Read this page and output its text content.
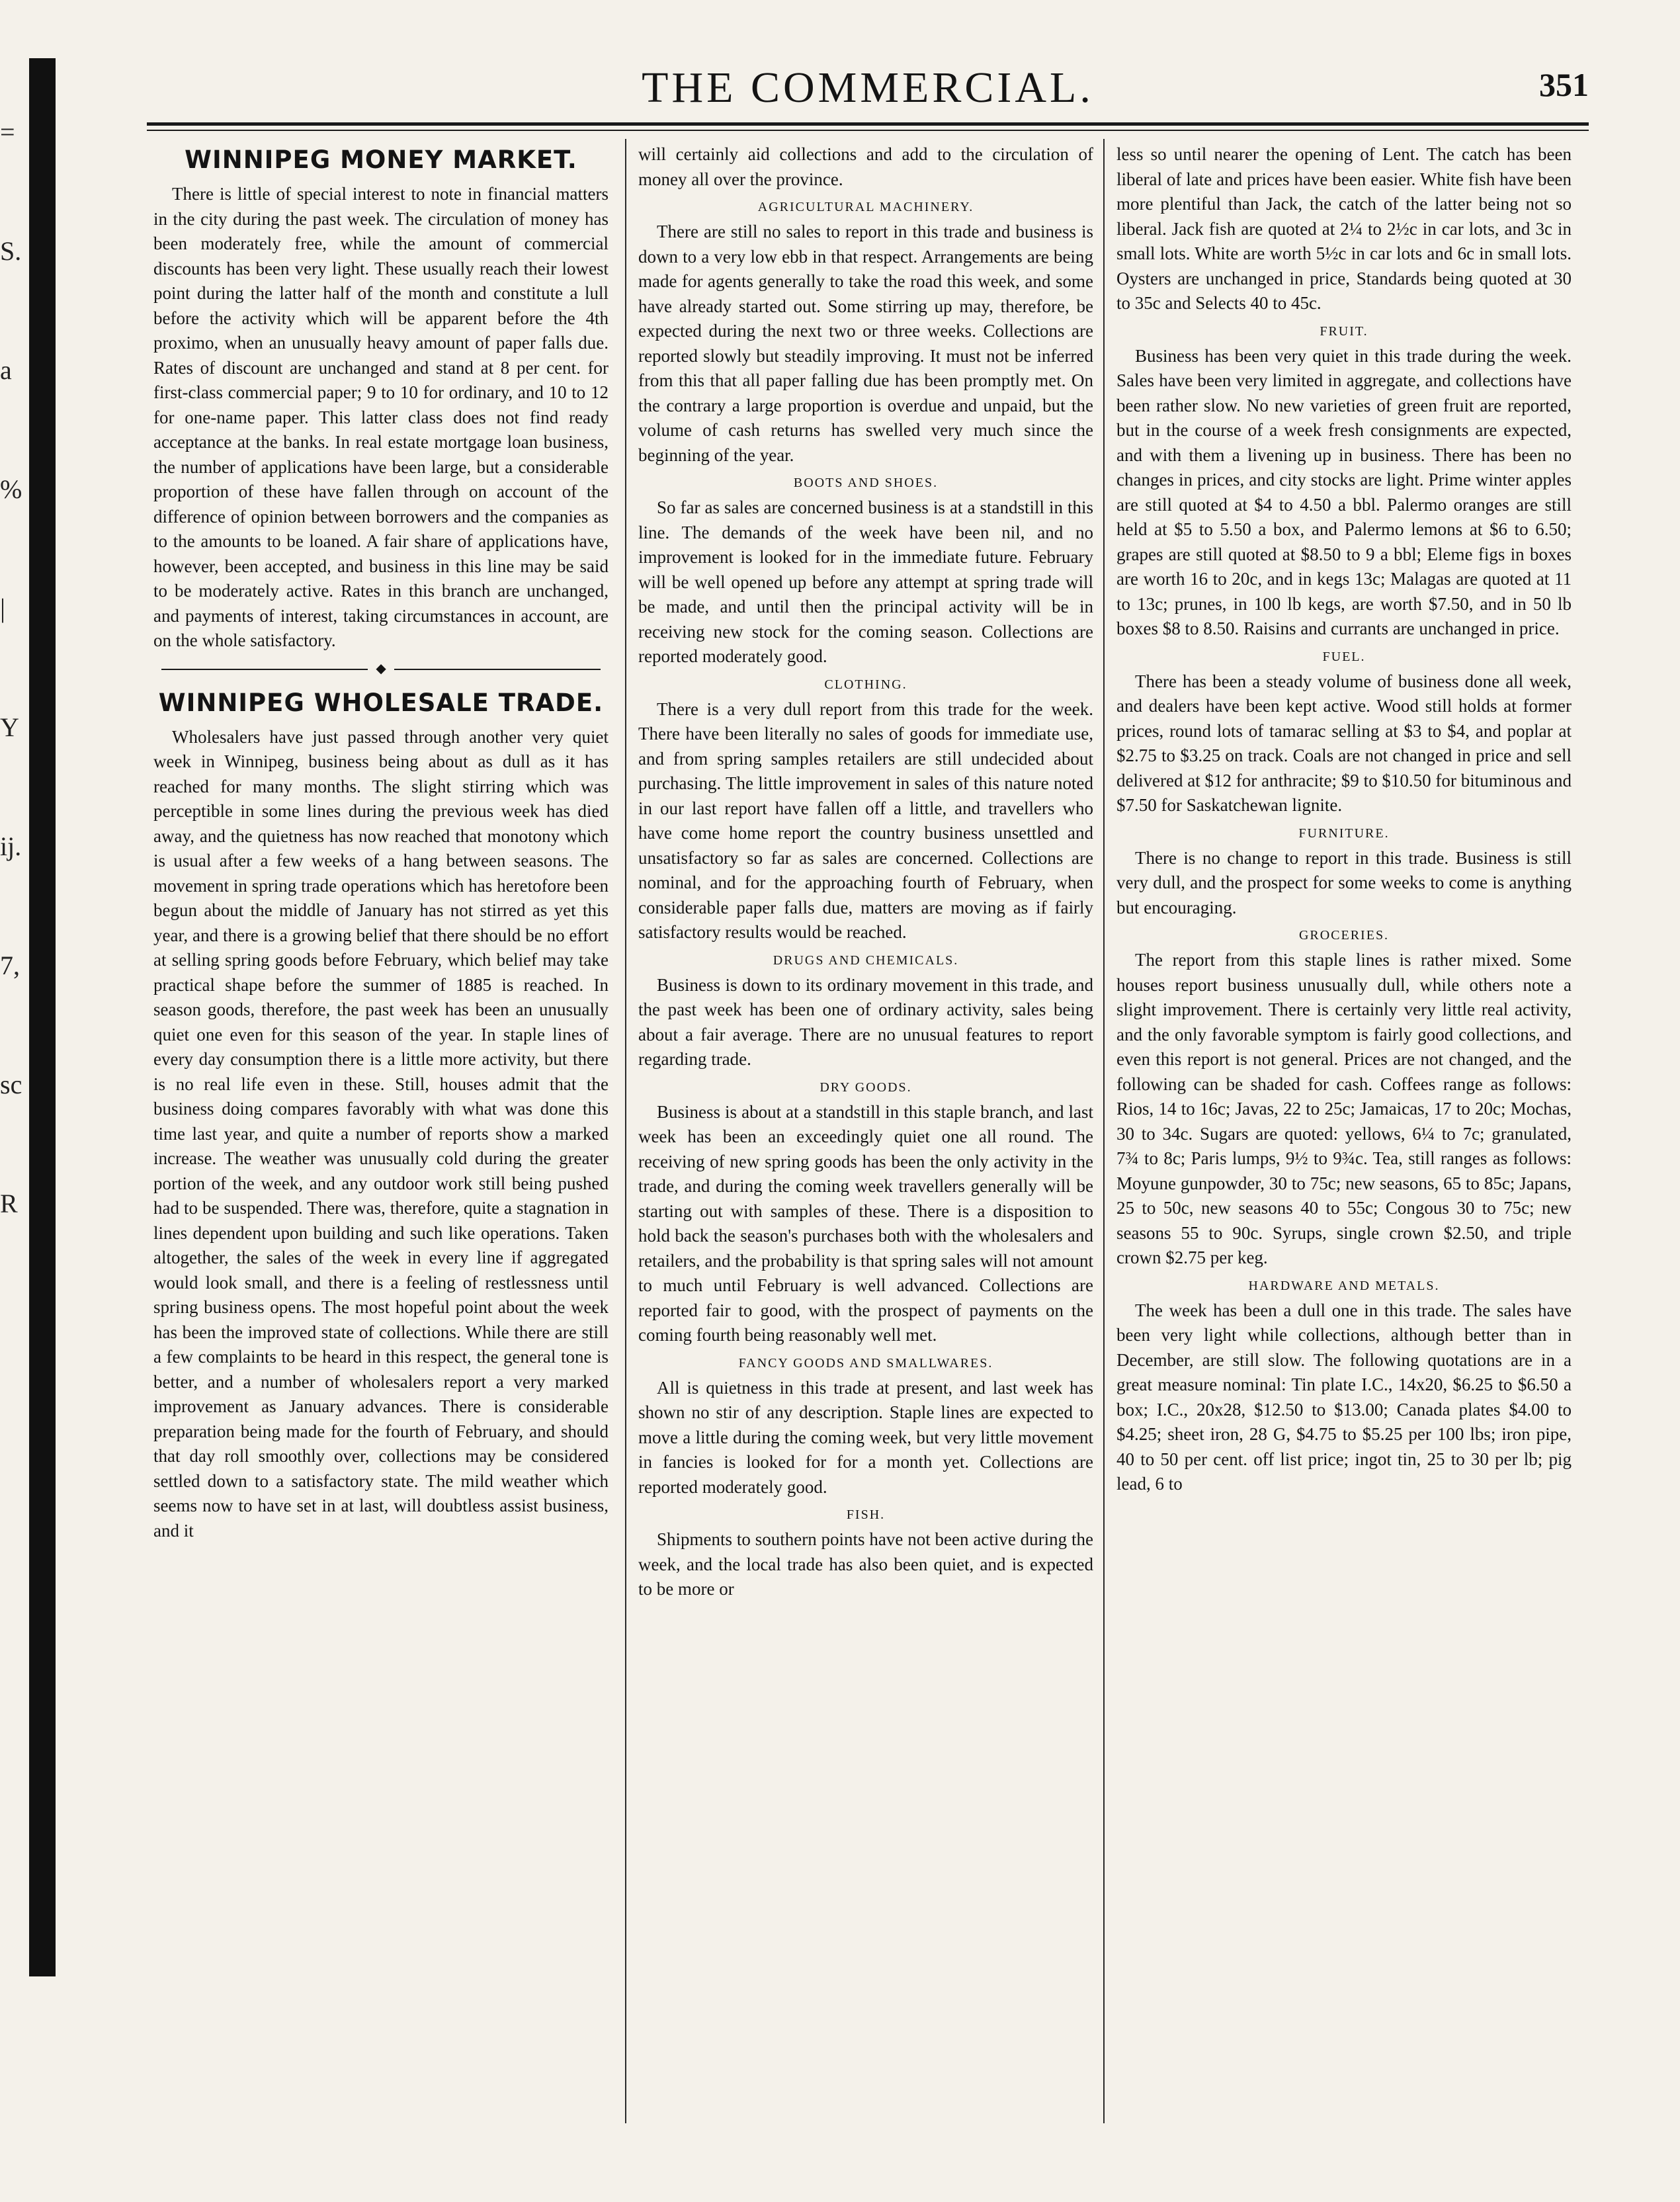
=
S.
a
%
|
Y
ij.
7,
sc
R
THE COMMERCIAL.	351
WINNIPEG MONEY MARKET.

There is little of special interest to note in financial matters in the city during the past week. The circulation of money has been moderately free, while the amount of commercial discounts has been very light. These usually reach their lowest point during the latter half of the month and constitute a lull before the activity which will be apparent before the 4th proximo, when an unusually heavy amount of paper falls due. Rates of discount are unchanged and stand at 8 per cent. for first-class commercial paper; 9 to 10 for ordinary, and 10 to 12 for one-name paper. This latter class does not find ready acceptance at the banks. In real estate mortgage loan business, the number of applications have been large, but a considerable proportion of these have fallen through on account of the difference of opinion between borrowers and the companies as to the amounts to be loaned. A fair share of applications have, however, been accepted, and business in this line may be said to be moderately active. Rates in this branch are unchanged, and payments of interest, taking circumstances in account, are on the whole satisfactory.

◆
WINNIPEG WHOLESALE TRADE.

Wholesalers have just passed through another very quiet week in Winnipeg, business being about as dull as it has reached for many months. The slight stirring which was perceptible in some lines during the previous week has died away, and the quietness has now reached that monotony which is usual after a few weeks of a hang between seasons. The movement in spring trade operations which has heretofore been begun about the middle of January has not stirred as yet this year, and there is a growing belief that there should be no effort at selling spring goods before February, which belief may take practical shape before the summer of 1885 is reached. In season goods, therefore, the past week has been an unusually quiet one even for this season of the year. In staple lines of every day consumption there is a little more activity, but there is no real life even in these. Still, houses admit that the business doing compares favorably with what was done this time last year, and quite a number of reports show a marked increase. The weather was unusually cold during the greater portion of the week, and any outdoor work still being pushed had to be suspended. There was, therefore, quite a stagnation in lines dependent upon building and such like operations. Taken altogether, the sales of the week in every line if aggregated would look small, and there is a feeling of restlessness until spring business opens. The most hopeful point about the week has been the improved state of collections. While there are still a few complaints to be heard in this respect, the general tone is better, and a number of wholesalers report a very marked improvement as January advances. There is considerable preparation being made for the fourth of February, and should that day roll smoothly over, collections may be considered settled down to a satisfactory state. The mild weather which seems now to have set in at last, will doubtless assist business, and it

will certainly aid collections and add to the circulation of money all over the province.

AGRICULTURAL MACHINERY.

There are still no sales to report in this trade and business is down to a very low ebb in that respect. Arrangements are being made for agents generally to take the road this week, and some have already started out. Some stirring up may, therefore, be expected during the next two or three weeks. Collections are reported slowly but steadily improving. It must not be inferred from this that all paper falling due has been promptly met. On the contrary a large proportion is overdue and unpaid, but the volume of cash returns has swelled very much since the beginning of the year.

BOOTS AND SHOES.

So far as sales are concerned business is at a standstill in this line. The demands of the week have been nil, and no improvement is looked for in the immediate future. February will be well opened up before any attempt at spring trade will be made, and until then the principal activity will be in receiving new stock for the coming season. Collections are reported moderately good.

CLOTHING.

There is a very dull report from this trade for the week. There have been literally no sales of goods for immediate use, and from spring samples retailers are still undecided about purchasing. The little improvement in sales of this nature noted in our last report have fallen off a little, and travellers who have come home report the country business unsettled and unsatisfactory so far as sales are concerned. Collections are nominal, and for the approaching fourth of February, when considerable paper falls due, matters are moving as if fairly satisfactory results would be reached.

DRUGS AND CHEMICALS.

Business is down to its ordinary movement in this trade, and the past week has been one of ordinary activity, sales being about a fair average. There are no unusual features to report regarding trade.

DRY GOODS.

Business is about at a standstill in this staple branch, and last week has been an exceedingly quiet one all round. The receiving of new spring goods has been the only activity in the trade, and during the coming week travellers generally will be starting out with samples of these. There is a disposition to hold back the season's purchases both with the wholesalers and retailers, and the probability is that spring sales will not amount to much until February is well advanced. Collections are reported fair to good, with the prospect of payments on the coming fourth being reasonably well met.

FANCY GOODS AND SMALLWARES.

All is quietness in this trade at present, and last week has shown no stir of any description. Staple lines are expected to move a little during the coming week, but very little movement in fancies is looked for for a month yet. Collections are reported moderately good.

FISH.

Shipments to southern points have not been active during the week, and the local trade has also been quiet, and is expected to be more or

less so until nearer the opening of Lent. The catch has been liberal of late and prices have been easier. White fish have been more plentiful than Jack, the catch of the latter being not so liberal. Jack fish are quoted at 2¼ to 2½c in car lots, and 3c in small lots. White are worth 5½c in car lots and 6c in small lots. Oysters are unchanged in price, Standards being quoted at 30 to 35c and Selects 40 to 45c.

FRUIT.

Business has been very quiet in this trade during the week. Sales have been very limited in aggregate, and collections have been rather slow. No new varieties of green fruit are reported, but in the course of a week fresh consignments are expected, and with them a livening up in business. There has been no changes in prices, and city stocks are light. Prime winter apples are still quoted at $4 to 4.50 a bbl. Palermo oranges are still held at $5 to 5.50 a box, and Palermo lemons at $6 to 6.50; grapes are still quoted at $8.50 to 9 a bbl; Eleme figs in boxes are worth 16 to 20c, and in kegs 13c; Malagas are quoted at 11 to 13c; prunes, in 100 lb kegs, are worth $7.50, and in 50 lb boxes $8 to 8.50. Raisins and currants are unchanged in price.

FUEL.

There has been a steady volume of business done all week, and dealers have been kept active. Wood still holds at former prices, round lots of tamarac selling at $3 to $4, and poplar at $2.75 to $3.25 on track. Coals are not changed in price and sell delivered at $12 for anthracite; $9 to $10.50 for bituminous and $7.50 for Saskatchewan lignite.

FURNITURE.

There is no change to report in this trade. Business is still very dull, and the prospect for some weeks to come is anything but encouraging.

GROCERIES.

The report from this staple lines is rather mixed. Some houses report business unusually dull, while others note a slight improvement. There is certainly very little real activity, and the only favorable symptom is fairly good collections, and even this report is not general. Prices are not changed, and the following can be shaded for cash. Coffees range as follows: Rios, 14 to 16c; Javas, 22 to 25c; Jamaicas, 17 to 20c; Mochas, 30 to 34c. Sugars are quoted: yellows, 6¼ to 7c; granulated, 7¾ to 8c; Paris lumps, 9½ to 9¾c. Tea, still ranges as follows: Moyune gunpowder, 30 to 75c; new seasons, 65 to 85c; Japans, 25 to 50c, new seasons 40 to 55c; Congous 30 to 75c; new seasons 55 to 90c. Syrups, single crown $2.50, and triple crown $2.75 per keg.

HARDWARE AND METALS.

The week has been a dull one in this trade. The sales have been very light while collections, although better than in December, are still slow. The following quotations are in a great measure nominal: Tin plate I.C., 14x20, $6.25 to $6.50 a box; I.C., 20x28, $12.50 to $13.00; Canada plates $4.00 to $4.25; sheet iron, 28 G, $4.75 to $5.25 per 100 lbs; iron pipe, 40 to 50 per cent. off list price; ingot tin, 25 to 30 per lb; pig lead, 6 to
